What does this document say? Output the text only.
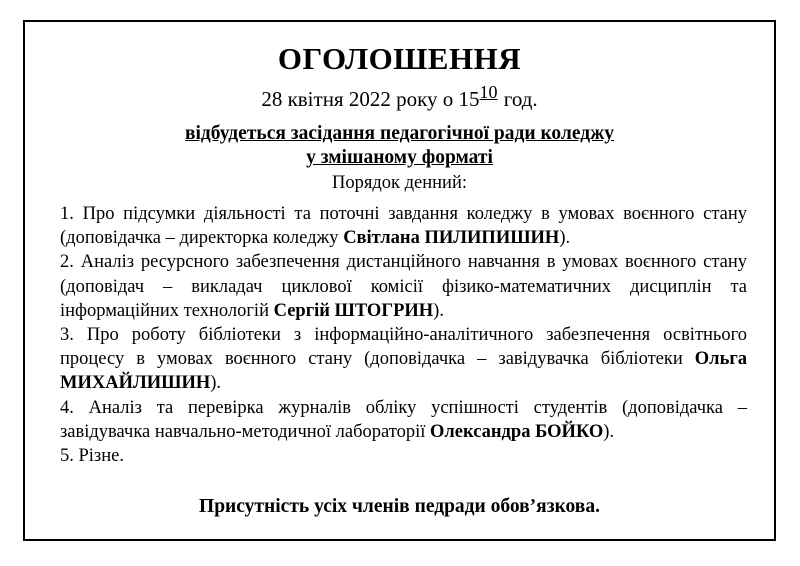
ОГОЛОШЕННЯ
28 квітня 2022 року о 1510 год.
відбудеться засідання педагогічної ради коледжу
у змішаному форматі
Порядок денний:

1. Про підсумки діяльності та поточні завдання коледжу в умовах воєнного стану (доповідачка – директорка коледжу Світлана ПИЛИПИШИН).

2. Аналіз ресурсного забезпечення дистанційного навчання в умовах воєнного стану (доповідач – викладач циклової комісії фізико-математичних дисциплін та інформаційних технологій Сергій ШТОГРИН).

3. Про роботу бібліотеки з інформаційно-аналітичного забезпечення освітнього процесу в умовах воєнного стану (доповідачка – завідувачка бібліотеки Ольга МИХАЙЛИШИН).

4. Аналіз та перевірка журналів обліку успішності студентів (доповідачка – завідувачка навчально-методичної лабораторії Олександра БОЙКО).

5. Різне.

Присутність усіх членів педради обов’язкова.
